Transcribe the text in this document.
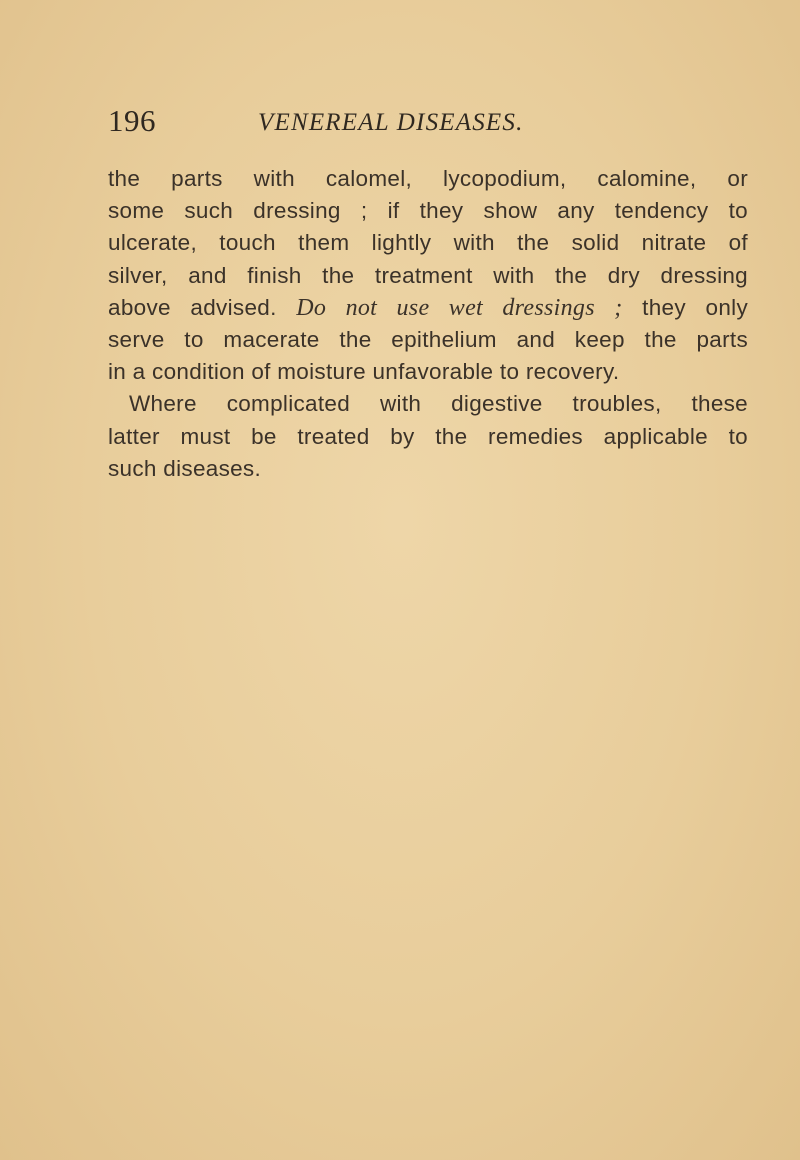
196	VENEREAL DISEASES.
the parts with calomel, lycopodium, calomine, or
some such dressing ; if they show any tendency to
ulcerate, touch them lightly with the solid nitrate of
silver, and finish the treatment with the dry dressing
above advised. Do not use wet dressings ; they only
serve to macerate the epithelium and keep the parts
in a condition of moisture unfavorable to recovery.
Where complicated with digestive troubles, these
latter must be treated by the remedies applicable to
such diseases.
